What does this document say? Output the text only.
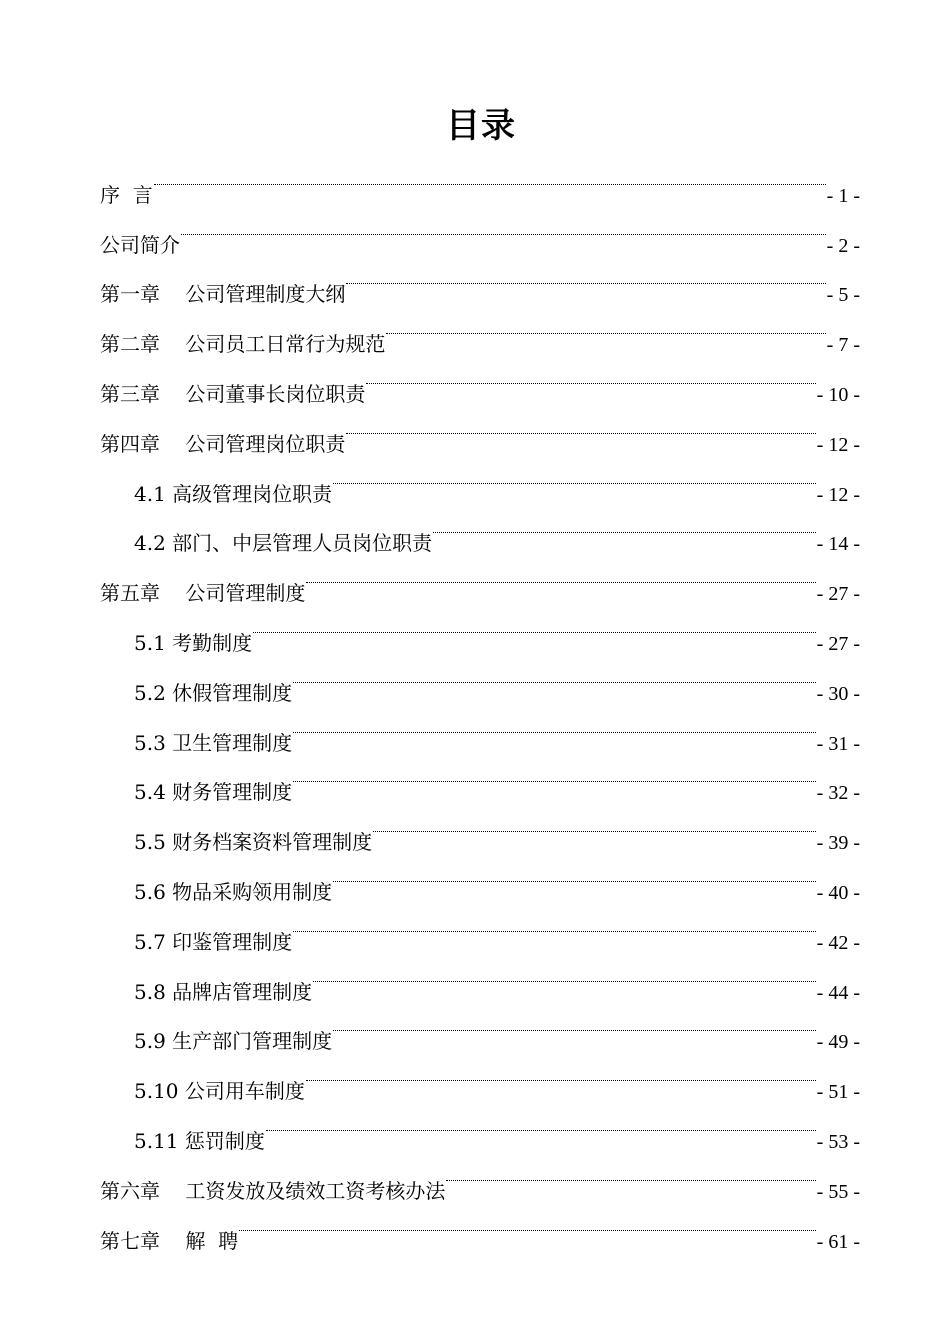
目录
序  言	- 1 -
公司简介	- 2 -
第一章    公司管理制度大纲	- 5 -
第二章    公司员工日常行为规范	- 7 -
第三章    公司董事长岗位职责	- 10 -
第四章    公司管理岗位职责	- 12 -
4.1 高级管理岗位职责	- 12 -
4.2 部门、中层管理人员岗位职责	- 14 -
第五章    公司管理制度	- 27 -
5.1 考勤制度	- 27 -
5.2 休假管理制度	- 30 -
5.3 卫生管理制度	- 31 -
5.4 财务管理制度	- 32 -
5.5 财务档案资料管理制度	- 39 -
5.6 物品采购领用制度	- 40 -
5.7 印鉴管理制度	- 42 -
5.8 品牌店管理制度	- 44 -
5.9 生产部门管理制度	- 49 -
5.10 公司用车制度	- 51 -
5.11 惩罚制度	- 53 -
第六章    工资发放及绩效工资考核办法	- 55 -
第七章    解  聘	- 61 -
